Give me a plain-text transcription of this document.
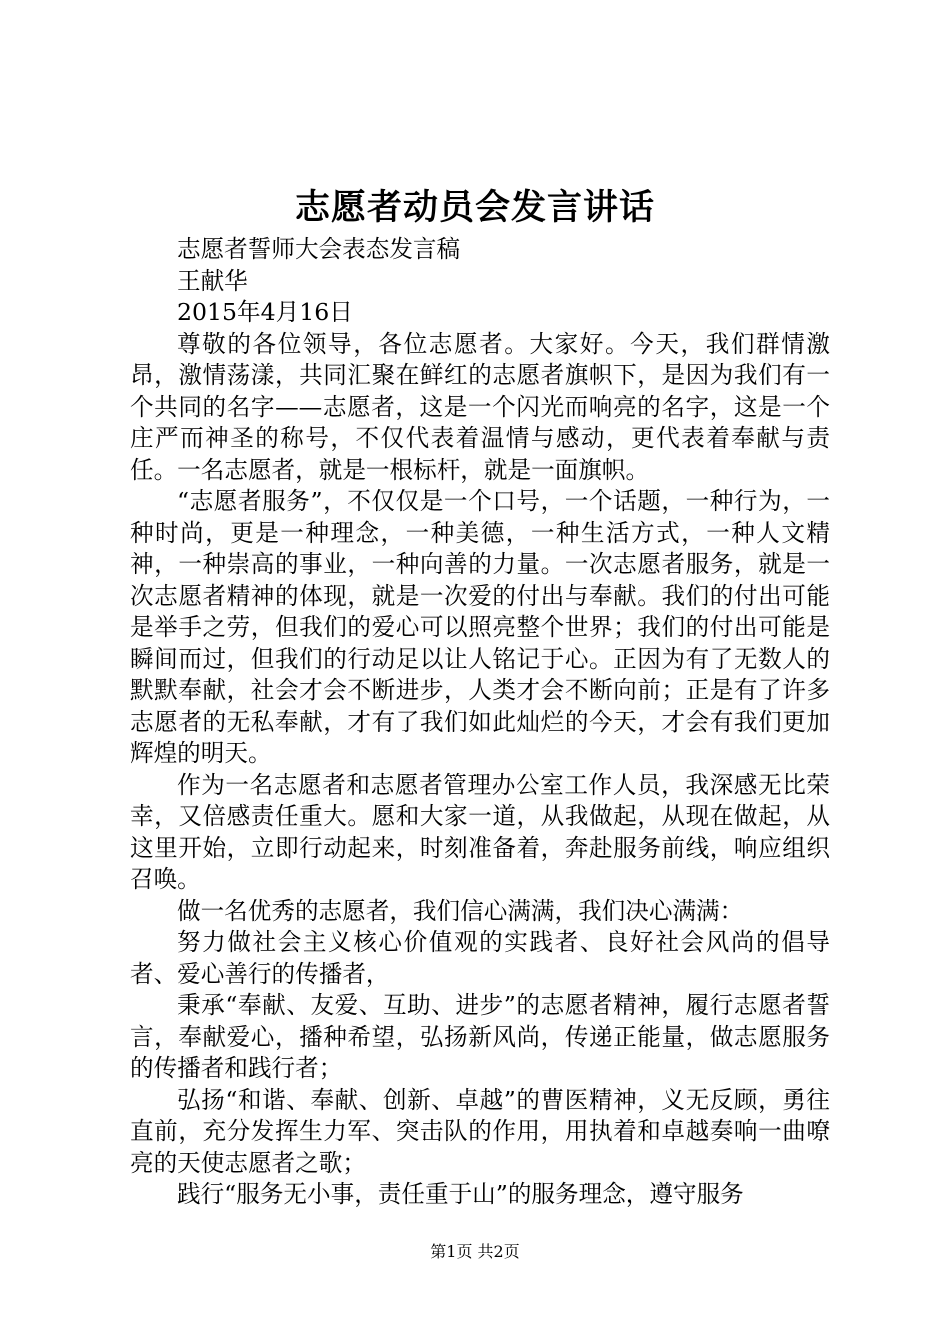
志愿者动员会发言讲话

志愿者誓师大会表态发言稿

王献华

2015年4月16日

尊敬的各位领导，各位志愿者。大家好。今天，我们群情激昂，激情荡漾，共同汇聚在鲜红的志愿者旗帜下，是因为我们有一个共同的名字——志愿者，这是一个闪光而响亮的名字，这是一个庄严而神圣的称号，不仅代表着温情与感动，更代表着奉献与责任。一名志愿者，就是一根标杆，就是一面旗帜。

“志愿者服务”，不仅仅是一个口号，一个话题，一种行为，一种时尚，更是一种理念，一种美德，一种生活方式，一种人文精神，一种崇高的事业，一种向善的力量。一次志愿者服务，就是一次志愿者精神的体现，就是一次爱的付出与奉献。我们的付出可能是举手之劳，但我们的爱心可以照亮整个世界；我们的付出可能是瞬间而过，但我们的行动足以让人铭记于心。正因为有了无数人的默默奉献，社会才会不断进步，人类才会不断向前；正是有了许多志愿者的无私奉献，才有了我们如此灿烂的今天，才会有我们更加辉煌的明天。

作为一名志愿者和志愿者管理办公室工作人员，我深感无比荣幸，又倍感责任重大。愿和大家一道，从我做起，从现在做起，从这里开始，立即行动起来，时刻准备着，奔赴服务前线，响应组织召唤。

做一名优秀的志愿者，我们信心满满，我们决心满满：

努力做社会主义核心价值观的实践者、良好社会风尚的倡导者、爱心善行的传播者，

秉承“奉献、友爱、互助、进步”的志愿者精神，履行志愿者誓言，奉献爱心，播种希望，弘扬新风尚，传递正能量，做志愿服务的传播者和践行者；

弘扬“和谐、奉献、创新、卓越”的曹医精神，义无反顾，勇往直前，充分发挥生力军、突击队的作用，用执着和卓越奏响一曲嘹亮的天使志愿者之歌；

践行“服务无小事，责任重于山”的服务理念，遵守服务

第1页 共2页
